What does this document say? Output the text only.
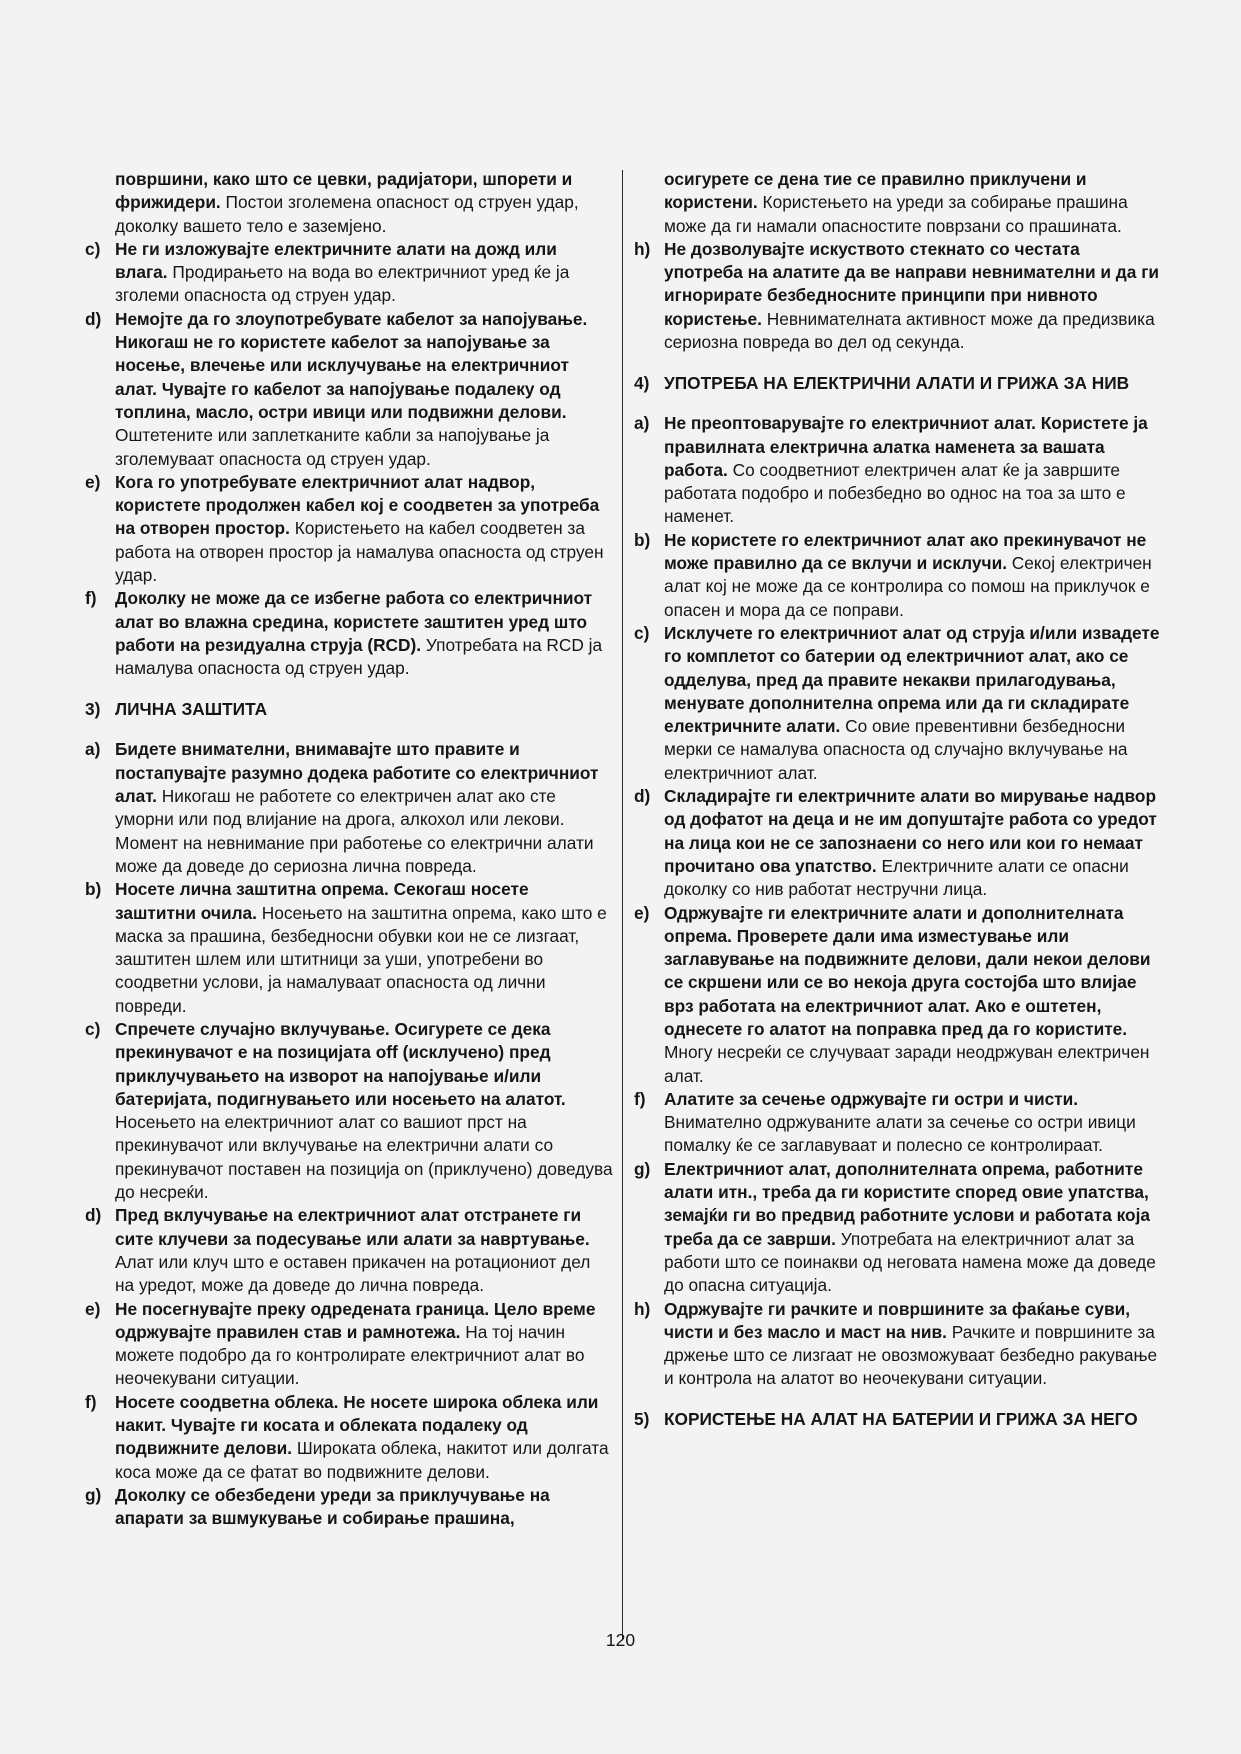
површини, како што се цевки, радијатори, шпорети и фрижидери. Постои зголемена опасност од струен удар, доколку вашето тело е заземјено.

c) Не ги изложувајте електричните алати на дожд или влага. Продирањето на вода во електричниот уред ќе ја зголеми опасноста од струен удар.

d) Немојте да го злоупотребувате кабелот за напојување. Никогаш не го користете кабелот за напојување за носење, влечење или исклучување на електричниот алат. Чувајте го кабелот за напојување подалеку од топлина, масло, остри ивици или подвижни делови. Оштетените или заплетканите кабли за напојување ја зголемуваат опасноста од струен удар.

e) Кога го употребувате електричниот алат надвор, користете продолжен кабел кој е соодветен за употреба на отворен простор. Користењето на кабел соодветен за работа на отворен простор ја намалува опасноста од струен удар.

f) Доколку не може да се избегне работа со електричниот алат во влажна средина, користете заштитен уред што работи на резидуална струја (RCD). Употребата на RCD ја намалува опасноста од струен удар.

3) ЛИЧНА ЗАШТИТА

a) Бидете внимателни, внимавајте што правите и постапувајте разумно додека работите со електричниот алат. Никогаш не работете со електричен алат ако сте уморни или под влијание на дрога, алкохол или лекови. Момент на невнимание при работење со електрични алати може да доведе до сериозна лична повреда.

b) Носете лична заштитна опрема. Секогаш носете заштитни очила. Носењето на заштитна опрема, како што е маска за прашина, безбедносни обувки кои не се лизгаат, заштитен шлем или штитници за уши, употребени во соодветни услови, ја намалуваат опасноста од лични повреди.

c) Спречете случајно вклучување. Осигурете се дека прекинувачот е на позицијата off (исклучено) пред приклучувањето на изворот на напојување и/или батеријата, подигнувањето или носењето на алатот. Носењето на електричниот алат со вашиот прст на прекинувачот или вклучување на електрични алати со прекинувачот поставен на позиција on (приклучено) доведува до несреќи.

d) Пред вклучување на електричниот алат отстранете ги сите клучеви за подесување или алати за навртување. Алат или клуч што е оставен прикачен на ротациониот дел на уредот, може да доведе до лична повреда.

e) Не посегнувајте преку одредената граница. Цело време одржувајте правилен став и рамнотежа. На тој начин можете подобро да го контролирате електричниот алат во неочекувани ситуации.

f) Носете соодветна облека. Не носете широка облека или накит. Чувајте ги косата и облеката подалеку од подвижните делови. Широката облека, накитот или долгата коса може да се фатат во подвижните делови.

g) Доколку се обезбедени уреди за приклучување на апарати за вшмукување и собирање прашина,

осигурете се дена тие се правилно приклучени и користени. Користењето на уреди за собирање прашина може да ги намали опасностите поврзани со прашината.

h) Не дозволувајте искуството стекнато со честата употреба на алатите да ве направи невнимателни и да ги игнорирате безбедносните принципи при нивното користење. Невнимателната активност може да предизвика сериозна повреда во дел од секунда.

4) УПОТРЕБА НА ЕЛЕКТРИЧНИ АЛАТИ И ГРИЖА ЗА НИВ

a) Не преоптоварувајте го електричниот алат. Користете ја правилната електрична алатка наменета за вашата работа. Со соодветниот електричен алат ќе ја завршите работата подобро и побезбедно во однос на тоа за што е наменет.

b) Не користете го електричниот алат ако прекинувачот не може правилно да се вклучи и исклучи. Секој електричен алат кој не може да се контролира со помош на приклучок е опасен и мора да се поправи.

c) Исклучете го електричниот алат од струја и/или извадете го комплетот со батерии од електричниот алат, ако се одделува, пред да правите некакви прилагодувања, менувате дополнителна опрема или да ги складирате електричните алати. Со овие превентивни безбедносни мерки се намалува опасноста од случајно вклучување на електричниот алат.

d) Складирајте ги електричните алати во мирување надвор од дофатот на деца и не им допуштајте работа со уредот на лица кои не се запознаени со него или кои го немаат прочитано ова упатство. Електричните алати се опасни доколку со нив работат нестручни лица.

e) Одржувајте ги електричните алати и дополнителната опрема. Проверете дали има изместување или заглавување на подвижните делови, дали некои делови се скршени или се во некоја друга состојба што влијае врз работата на електричниот алат. Ако е оштетен, однесете го алатот на поправка пред да го користите. Многу несреќи се случуваат заради неодржуван електричен алат.

f) Алатите за сечење одржувајте ги остри и чисти. Внимателно одржуваните алати за сечење со остри ивици помалку ќе се заглавуваат и полесно се контролираат.

g) Електричниот алат, дополнителната опрема, работните алати итн., треба да ги користите според овие упатства, земајќи ги во предвид работните услови и работата која треба да се заврши. Употребата на електричниот алат за работи што се поинакви од неговата намена може да доведе до опасна ситуација.

h) Одржувајте ги рачките и површините за фаќање суви, чисти и без масло и маст на нив. Рачките и површините за држење што се лизгаат не овозможуваат безбедно ракување и контрола на алатот во неочекувани ситуации.

5) КОРИСТЕЊЕ НА АЛАТ НА БАТЕРИИ И ГРИЖА ЗА НЕГО

120
